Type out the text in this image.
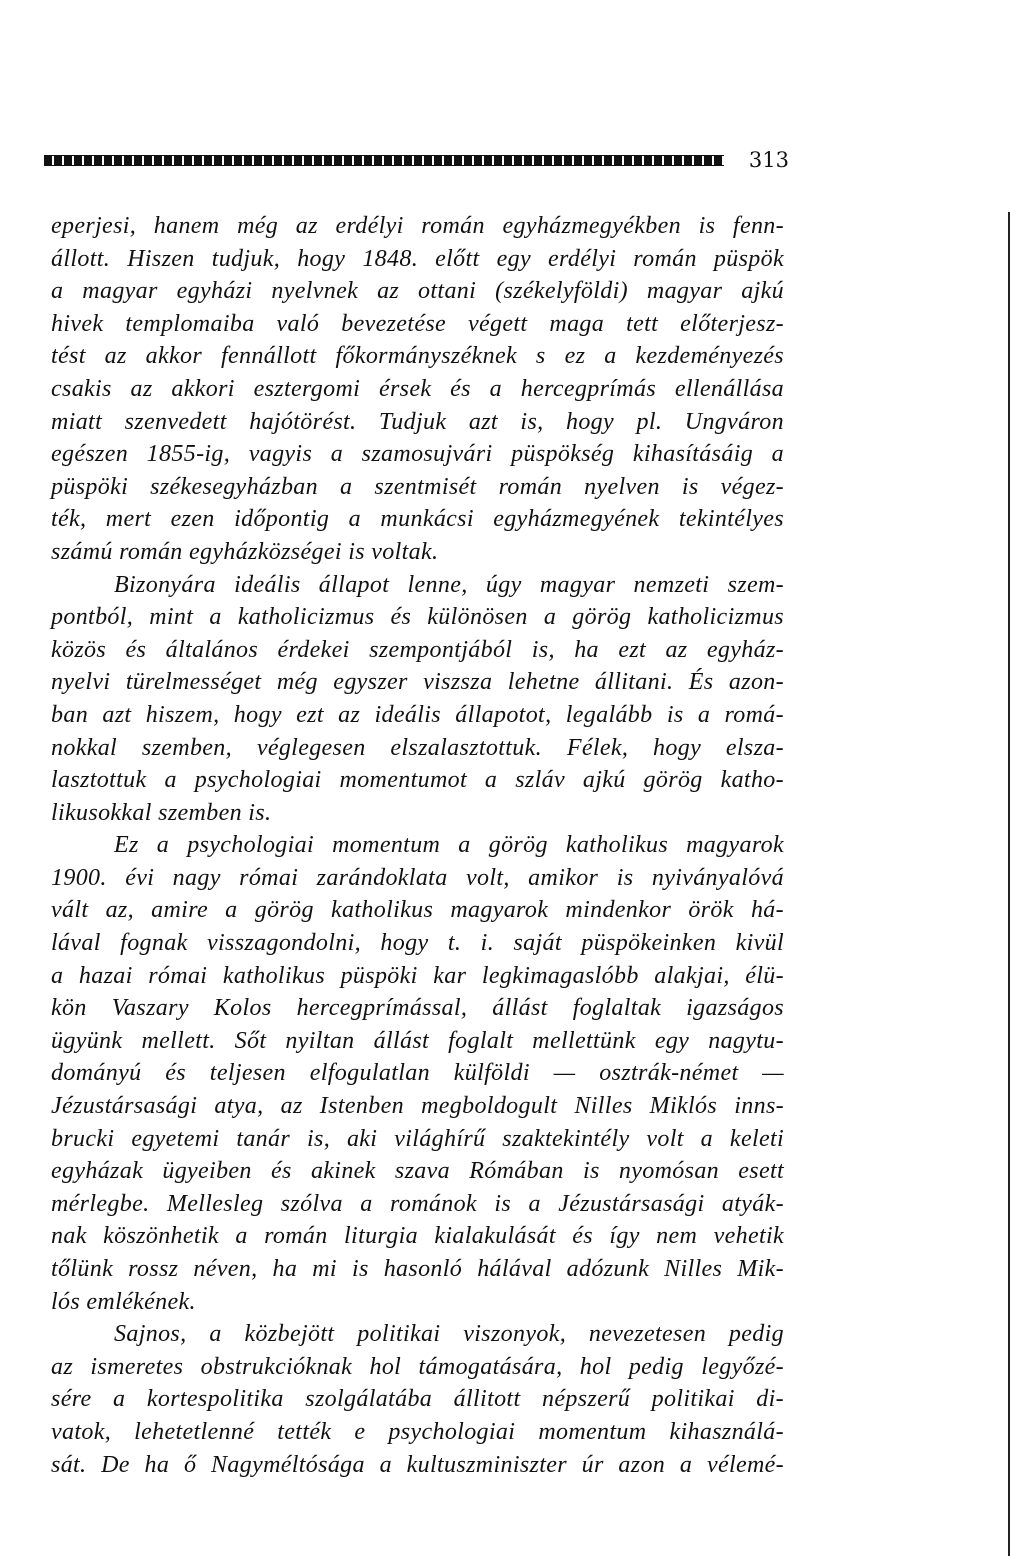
313
eperjesi, hanem még az erdélyi román egyházmegyékben is fenn-
állott. Hiszen tudjuk, hogy 1848. előtt egy erdélyi román püspök
a magyar egyházi nyelvnek az ottani (székelyföldi) magyar ajkú
hivek templomaiba való bevezetése végett maga tett előterjesz-
tést az akkor fennállott főkormányszéknek s ez a kezdeményezés
csakis az akkori esztergomi érsek és a hercegprímás ellenállása
miatt szenvedett hajótörést. Tudjuk azt is, hogy pl. Ungváron
egészen 1855-ig, vagyis a szamosujvári püspökség kihasításáig a
püspöki székesegyházban a szentmisét román nyelven is végez-
ték, mert ezen időpontig a munkácsi egyházmegyének tekintélyes
számú román egyházközségei is voltak.
Bizonyára ideális állapot lenne, úgy magyar nemzeti szem-
pontból, mint a katholicizmus és különösen a görög katholicizmus
közös és általános érdekei szempontjából is, ha ezt az egyház-
nyelvi türelmességet még egyszer viszsza lehetne állitani. És azon-
ban azt hiszem, hogy ezt az ideális állapotot, legalább is a romá-
nokkal szemben, véglegesen elszalasztottuk. Félek, hogy elsza-
lasztottuk a psychologiai momentumot a szláv ajkú görög katho-
likusokkal szemben is.
Ez a psychologiai momentum a görög katholikus magyarok
1900. évi nagy római zarándoklata volt, amikor is nyiványalóvá
vált az, amire a görög katholikus magyarok mindenkor örök há-
lával fognak visszagondolni, hogy t. i. saját püspökeinken kivül
a hazai római katholikus püspöki kar legkimagaslóbb alakjai, élü-
kön Vaszary Kolos hercegprímással, állást foglaltak igazságos
ügyünk mellett. Sőt nyiltan állást foglalt mellettünk egy nagytu-
dományú és teljesen elfogulatlan külföldi — osztrák-német —
Jézustársasági atya, az Istenben megboldogult Nilles Miklós inns-
brucki egyetemi tanár is, aki világhírű szaktekintély volt a keleti
egyházak ügyeiben és akinek szava Rómában is nyomósan esett
mérlegbe. Mellesleg szólva a románok is a Jézustársasági atyák-
nak köszönhetik a román liturgia kialakulását és így nem vehetik
tőlünk rossz néven, ha mi is hasonló hálával adózunk Nilles Mik-
lós emlékének.
Sajnos, a közbejött politikai viszonyok, nevezetesen pedig
az ismeretes obstrukcióknak hol támogatására, hol pedig legyőzé-
sére a kortespolitika szolgálatába állitott népszerű politikai di-
vatok, lehetetlenné tették e psychologiai momentum kihasználá-
sát. De ha ő Nagyméltósága a kultuszminiszter úr azon a vélemé-
